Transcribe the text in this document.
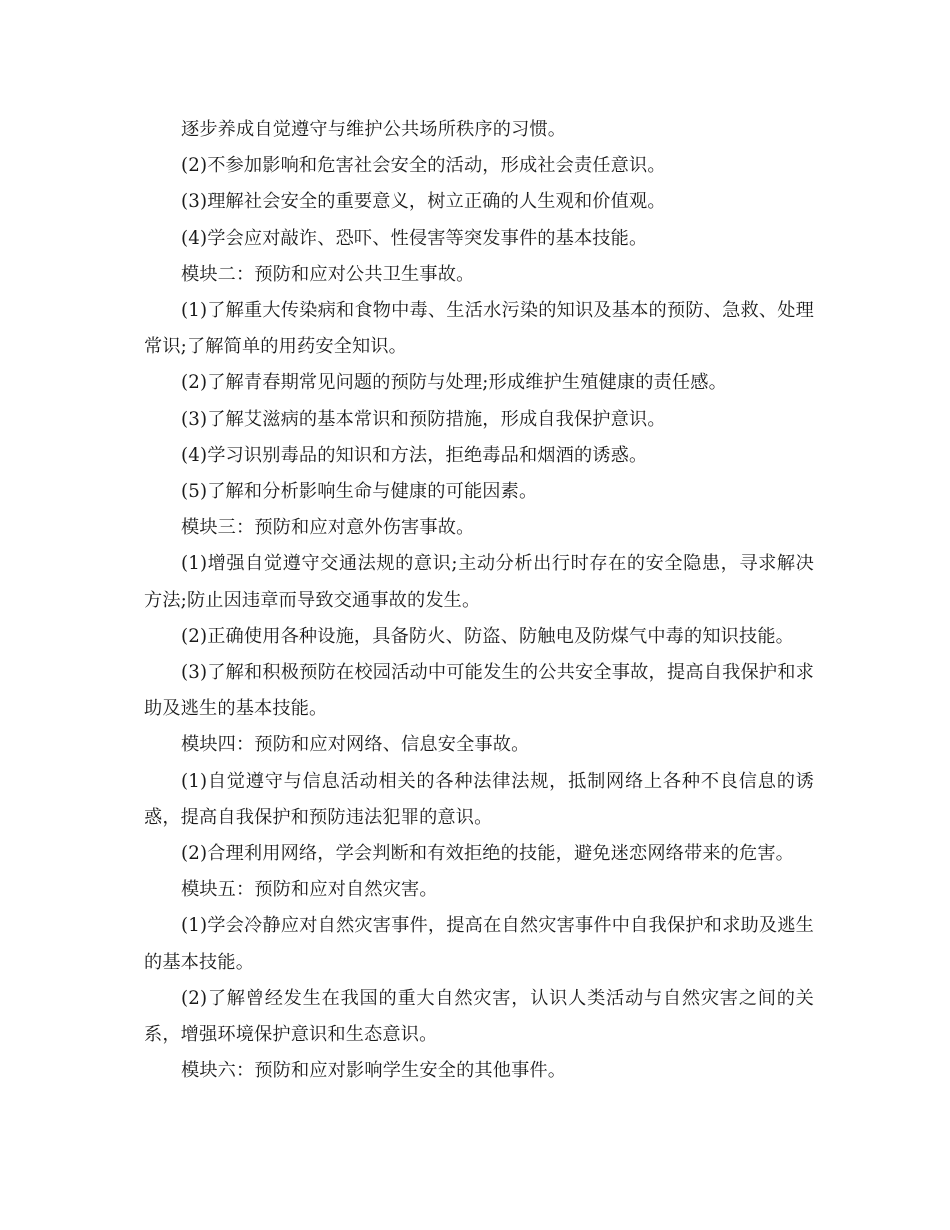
逐步养成自觉遵守与维护公共场所秩序的习惯。

(2)不参加影响和危害社会安全的活动，形成社会责任意识。

(3)理解社会安全的重要意义，树立正确的人生观和价值观。

(4)学会应对敲诈、恐吓、性侵害等突发事件的基本技能。

模块二：预防和应对公共卫生事故。

(1)了解重大传染病和食物中毒、生活水污染的知识及基本的预防、急救、处理常识;了解简单的用药安全知识。

(2)了解青春期常见问题的预防与处理;形成维护生殖健康的责任感。

(3)了解艾滋病的基本常识和预防措施，形成自我保护意识。

(4)学习识别毒品的知识和方法，拒绝毒品和烟酒的诱惑。

(5)了解和分析影响生命与健康的可能因素。

模块三：预防和应对意外伤害事故。

(1)增强自觉遵守交通法规的意识;主动分析出行时存在的安全隐患，寻求解决方法;防止因违章而导致交通事故的发生。

(2)正确使用各种设施，具备防火、防盗、防触电及防煤气中毒的知识技能。

(3)了解和积极预防在校园活动中可能发生的公共安全事故，提高自我保护和求助及逃生的基本技能。

模块四：预防和应对网络、信息安全事故。

(1)自觉遵守与信息活动相关的各种法律法规，抵制网络上各种不良信息的诱惑，提高自我保护和预防违法犯罪的意识。

(2)合理利用网络，学会判断和有效拒绝的技能，避免迷恋网络带来的危害。

模块五：预防和应对自然灾害。

(1)学会冷静应对自然灾害事件，提高在自然灾害事件中自我保护和求助及逃生的基本技能。

(2)了解曾经发生在我国的重大自然灾害，认识人类活动与自然灾害之间的关系，增强环境保护意识和生态意识。

模块六：预防和应对影响学生安全的其他事件。
